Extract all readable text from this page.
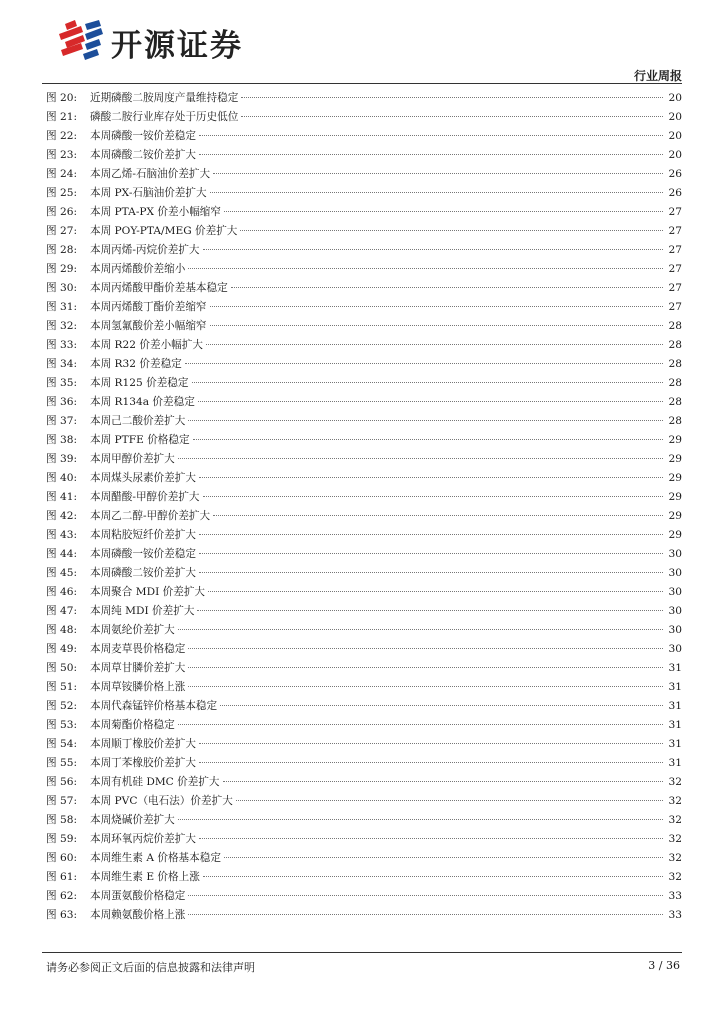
开源证券
行业周报
图 20:	近期磷酸二胺周度产量维持稳定	20
图 21:	磷酸二胺行业库存处于历史低位	20
图 22:	本周磷酸一铵价差稳定	20
图 23:	本周磷酸二铵价差扩大	20
图 24:	本周乙烯-石脑油价差扩大	26
图 25:	本周 PX-石脑油价差扩大	26
图 26:	本周 PTA-PX 价差小幅缩窄	27
图 27:	本周 POY-PTA/MEG 价差扩大	27
图 28:	本周丙烯-丙烷价差扩大	27
图 29:	本周丙烯酸价差缩小	27
图 30:	本周丙烯酸甲酯价差基本稳定	27
图 31:	本周丙烯酸丁酯价差缩窄	27
图 32:	本周氢氟酸价差小幅缩窄	28
图 33:	本周 R22 价差小幅扩大	28
图 34:	本周 R32 价差稳定	28
图 35:	本周 R125 价差稳定	28
图 36:	本周 R134a 价差稳定	28
图 37:	本周己二酸价差扩大	28
图 38:	本周 PTFE 价格稳定	29
图 39:	本周甲醇价差扩大	29
图 40:	本周煤头尿素价差扩大	29
图 41:	本周醋酸-甲醇价差扩大	29
图 42:	本周乙二醇-甲醇价差扩大	29
图 43:	本周粘胶短纤价差扩大	29
图 44:	本周磷酸一铵价差稳定	30
图 45:	本周磷酸二铵价差扩大	30
图 46:	本周聚合 MDI 价差扩大	30
图 47:	本周纯 MDI 价差扩大	30
图 48:	本周氨纶价差扩大	30
图 49:	本周麦草畏价格稳定	30
图 50:	本周草甘膦价差扩大	31
图 51:	本周草铵膦价格上涨	31
图 52:	本周代森锰锌价格基本稳定	31
图 53:	本周菊酯价格稳定	31
图 54:	本周顺丁橡胶价差扩大	31
图 55:	本周丁苯橡胶价差扩大	31
图 56:	本周有机硅 DMC 价差扩大	32
图 57:	本周 PVC（电石法）价差扩大	32
图 58:	本周烧碱价差扩大	32
图 59:	本周环氧丙烷价差扩大	32
图 60:	本周维生素 A 价格基本稳定	32
图 61:	本周维生素 E 价格上涨	32
图 62:	本周蛋氨酸价格稳定	33
图 63:	本周赖氨酸价格上涨	33
请务必参阅正文后面的信息披露和法律声明	3 / 36
